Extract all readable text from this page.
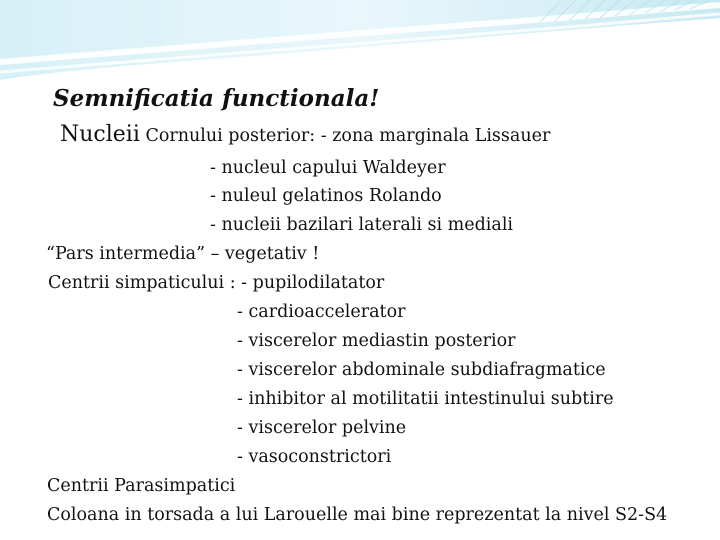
Semnificatia functionala!
Nucleii Cornului posterior: - zona marginala Lissauer
- nucleul capului Waldeyer
- nuleul gelatinos Rolando
- nucleii bazilari laterali si mediali
“Pars intermedia” – vegetativ !
Centrii simpaticului : - pupilodilatator
- cardioaccelerator
- viscerelor mediastin posterior
- viscerelor abdominale subdiafragmatice
- inhibitor al motilitatii intestinului subtire
- viscerelor pelvine
- vasoconstrictori
Centrii Parasimpatici
Coloana in torsada a lui Larouelle mai bine reprezentat la nivel S2-S4
